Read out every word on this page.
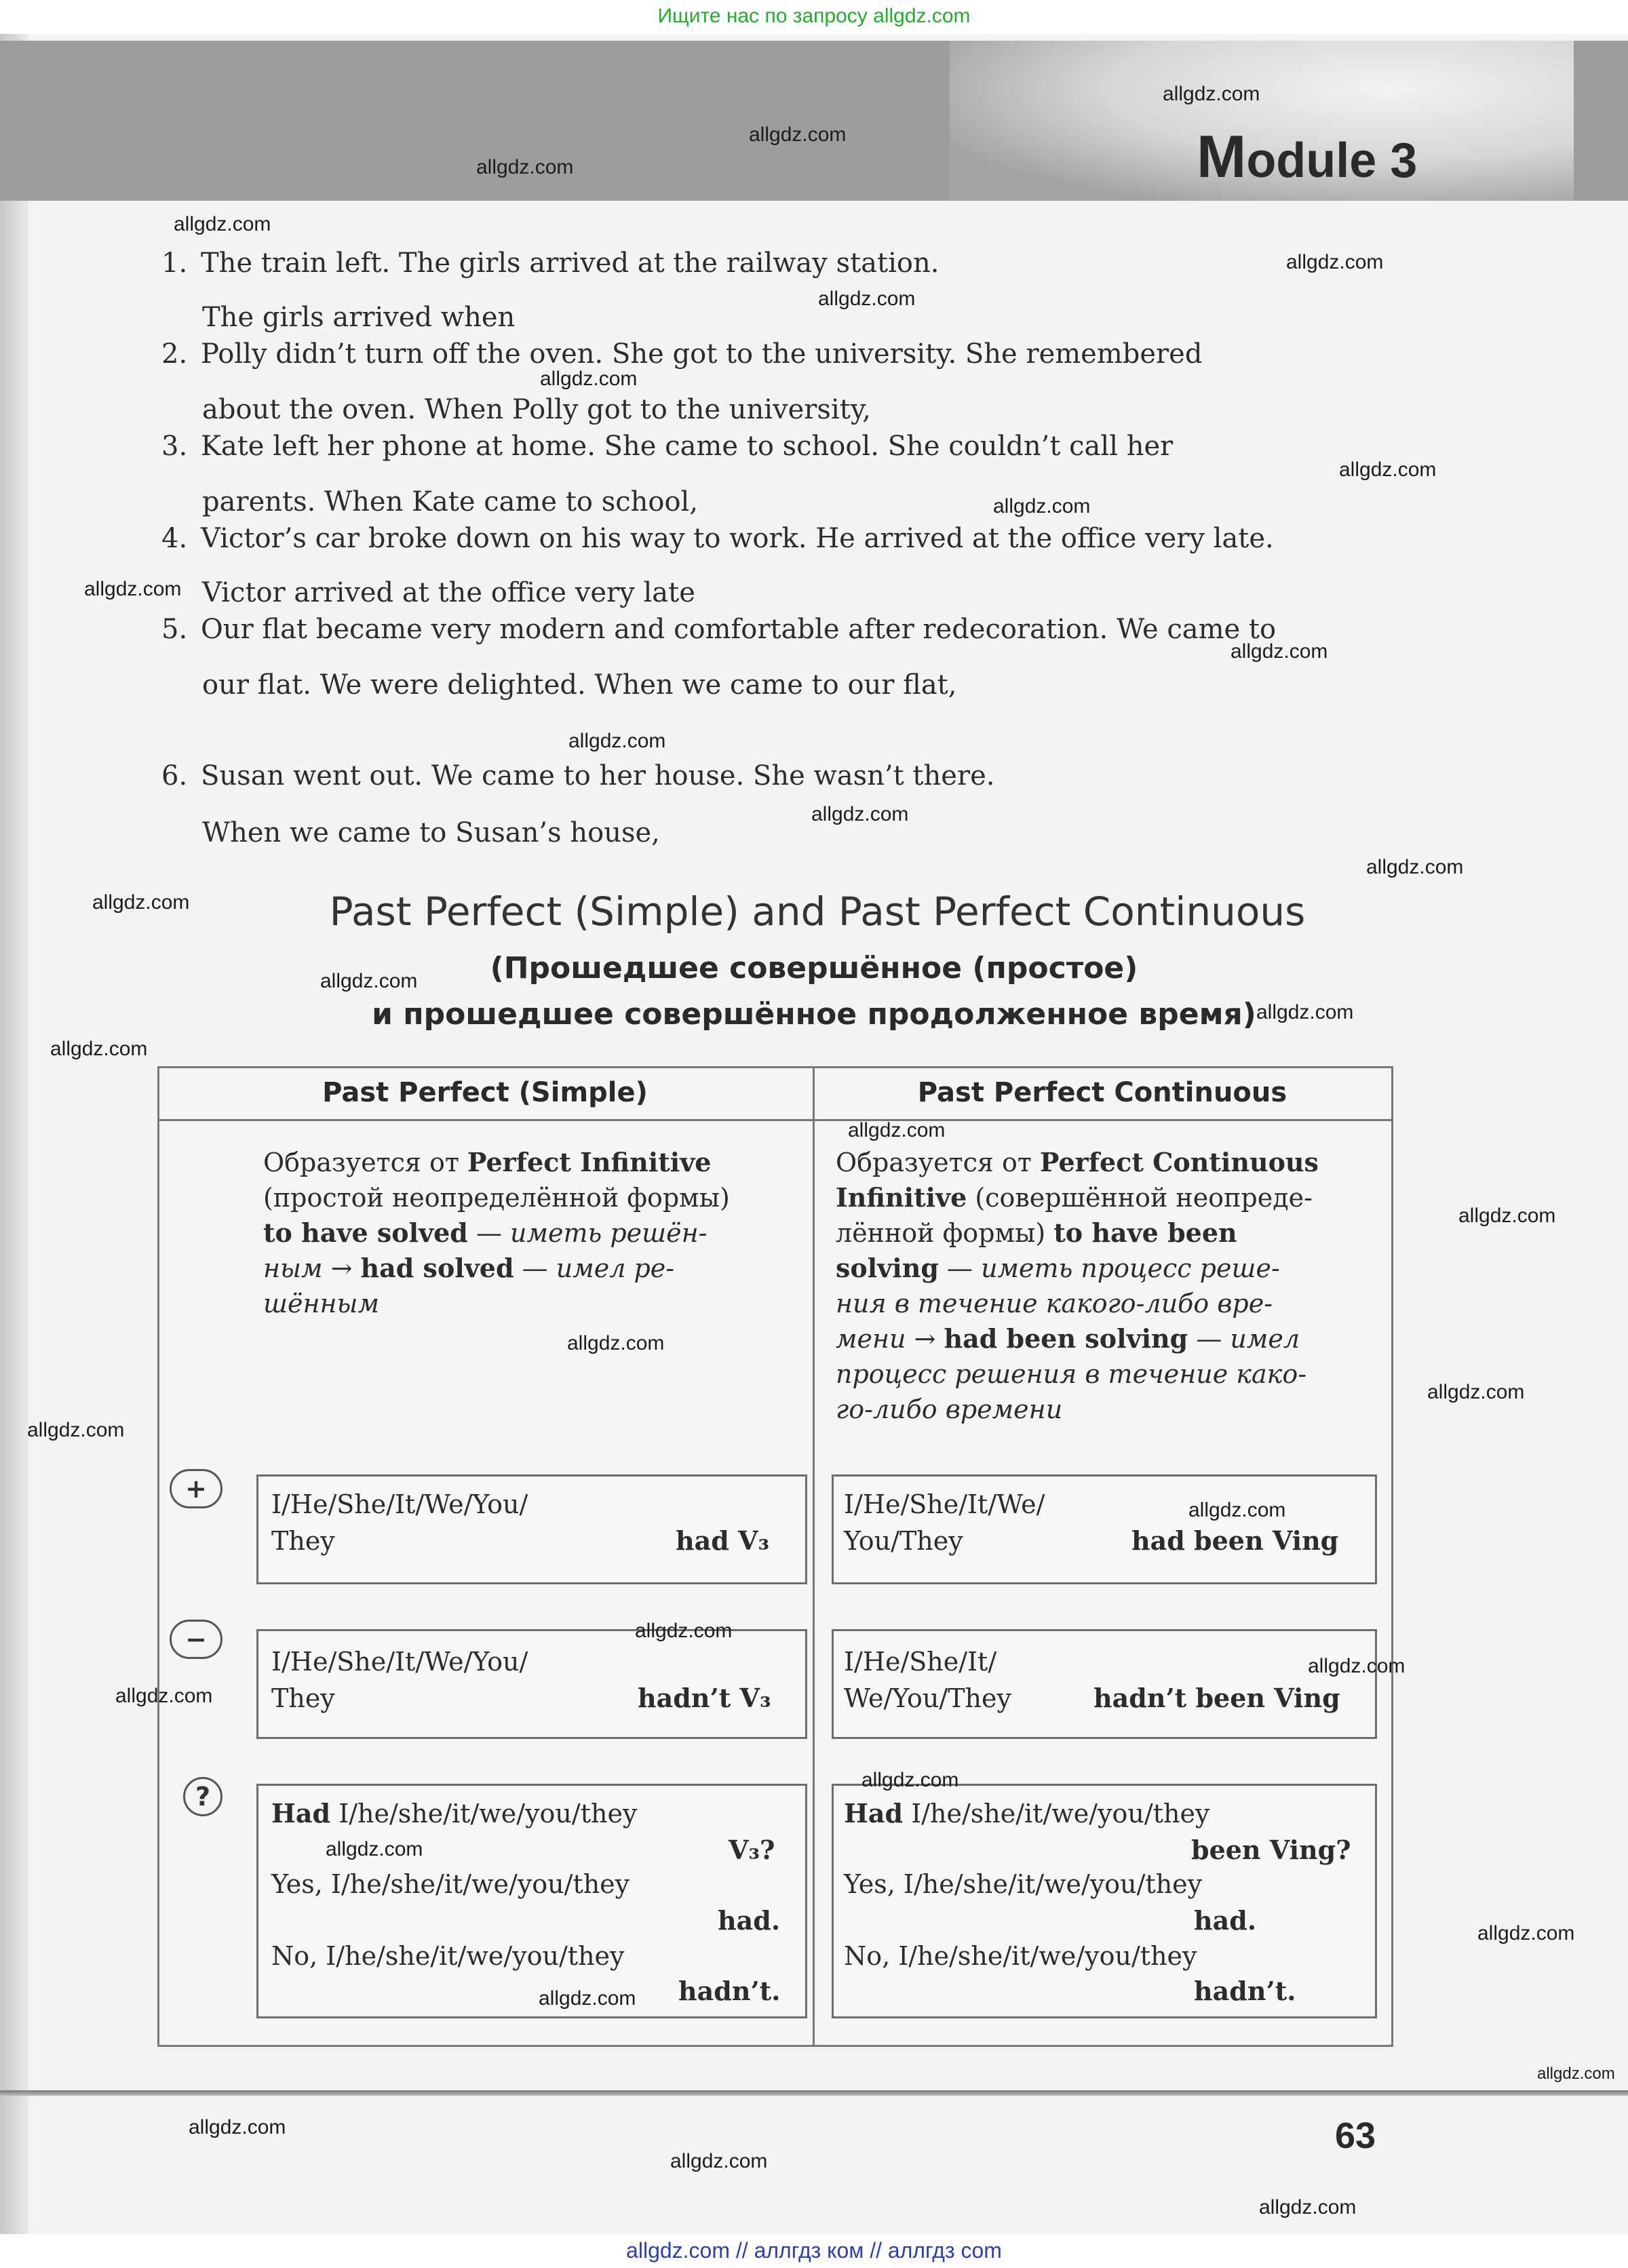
Ищите нас по запросу allgdz.com
Module 3
1. The train left. The girls arrived at the railway station.
The girls arrived when
2. Polly didn’t turn off the oven. She got to the university. She remembered
about the oven. When Polly got to the university,
3. Kate left her phone at home. She came to school. She couldn’t call her
parents. When Kate came to school,
4. Victor’s car broke down on his way to work. He arrived at the office very late.
Victor arrived at the office very late
5. Our flat became very modern and comfortable after redecoration. We came to
our flat. We were delighted. When we came to our flat,
6. Susan went out. We came to her house. She wasn’t there.
When we came to Susan’s house,
Past Perfect (Simple) and Past Perfect Continuous
(Прошедшее совершённое (простое)
и прошедшее совершённое продолженное время)
Past Perfect (Simple)	Past Perfect Continuous
Образуется от Perfect Infinitive
(простой неопределённой формы)
to have solved — иметь решён-
ным → had solved — имел ре-
шённым
Образуется от Perfect Continuous
Infinitive (совершённой неопреде-
лённой формы) to have been
solving — иметь процесс реше-
ния в течение какого-либо вре-
мени → had been solving — имел
процесс решения в течение како-
го-либо времени
+
−
?
I/He/She/It/We/You/
They	had V₃
I/He/She/It/We/
You/They	had been Ving
I/He/She/It/We/You/
They	hadn’t V₃
I/He/She/It/
We/You/They	hadn’t been Ving
Had I/he/she/it/we/you/they
V₃?
Yes, I/he/she/it/we/you/they
had.
No, I/he/she/it/we/you/they
hadn’t.
Had I/he/she/it/we/you/they
been Ving?
Yes, I/he/she/it/we/you/they
had.
No, I/he/she/it/we/you/they
hadn’t.
63
allgdz.com
allgdz.com
allgdz.com
allgdz.com
allgdz.com
allgdz.com
allgdz.com
allgdz.com
allgdz.com
allgdz.com
allgdz.com
allgdz.com
allgdz.com
allgdz.com
allgdz.com
allgdz.com
allgdz.com
allgdz.com
allgdz.com
allgdz.com
allgdz.com
allgdz.com
allgdz.com
allgdz.com
allgdz.com
allgdz.com
allgdz.com
allgdz.com
allgdz.com
allgdz.com
allgdz.com
allgdz.com
allgdz.com
allgdz.com
allgdz.com
allgdz.com // аллгдз ком // аллгдз com
